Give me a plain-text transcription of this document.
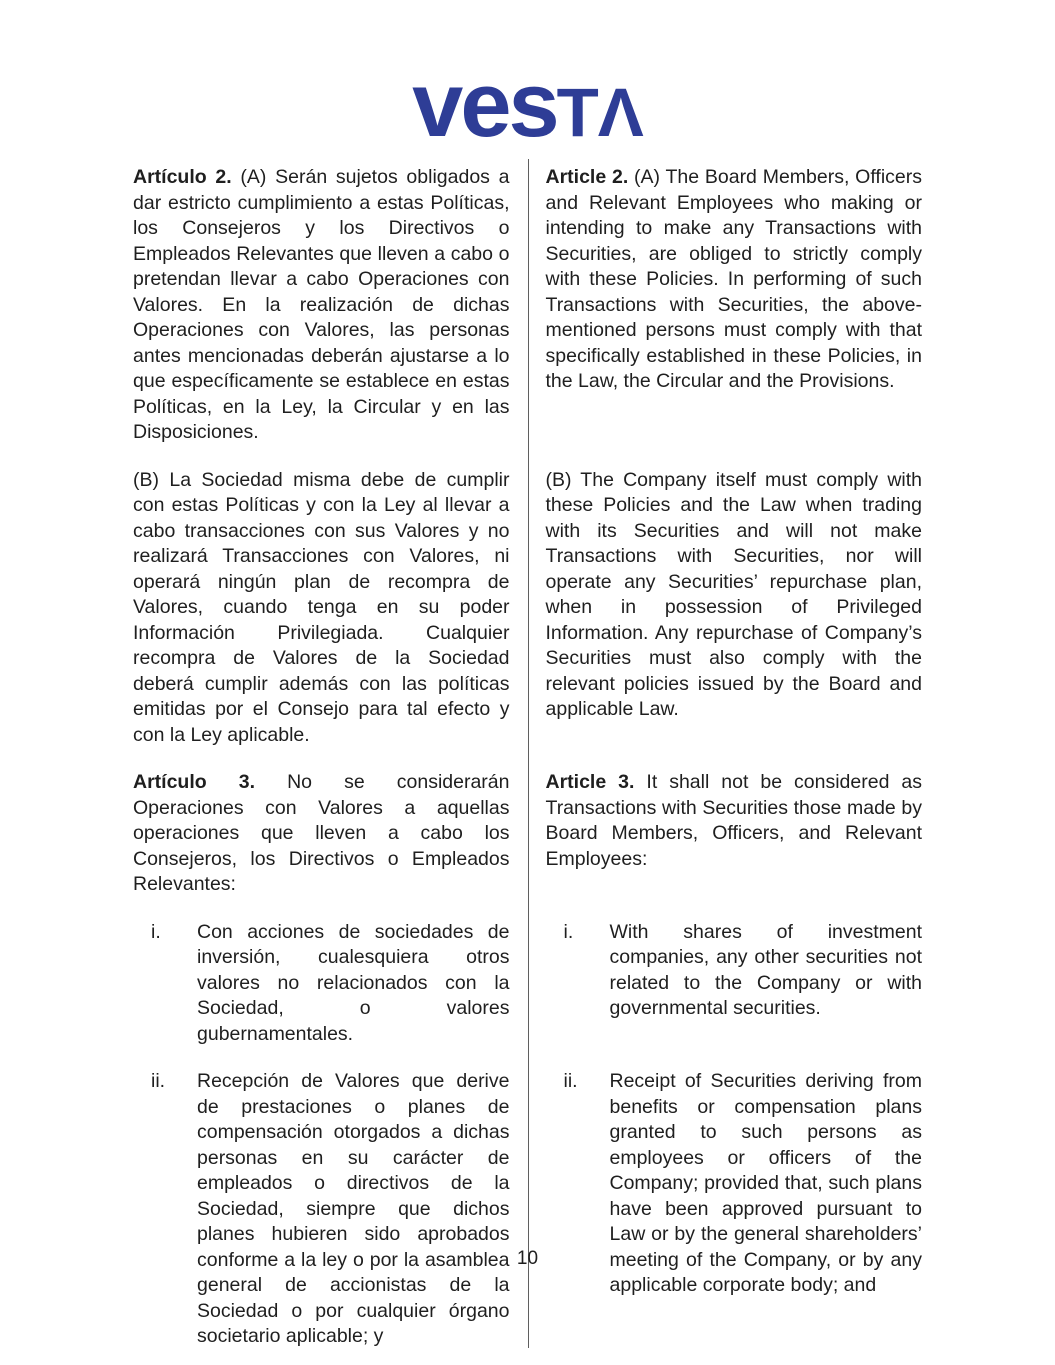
ves TΛ
Artículo 2. (A) Serán sujetos obligados a dar estricto cumplimiento a estas Políticas, los Consejeros y los Directivos o Empleados Relevantes que lleven a cabo o pretendan llevar a cabo Operaciones con Valores. En la realización de dichas Operaciones con Valores, las personas antes mencionadas deberán ajustarse a lo que específicamente se establece en estas Políticas, en la Ley, la Circular y en las Disposiciones.
Article 2. (A) The Board Members, Officers and Relevant Employees who making or intending to make any Transactions with Securities, are obliged to strictly comply with these Policies. In performing of such Transactions with Securities, the above-mentioned persons must comply with that specifically established in these Policies, in the Law, the Circular and the Provisions.
(B) La Sociedad misma debe de cumplir con estas Políticas y con la Ley al llevar a cabo transacciones con sus Valores y no realizará Transacciones con Valores, ni operará ningún plan de recompra de Valores, cuando tenga en su poder Información Privilegiada. Cualquier recompra de Valores de la Sociedad deberá cumplir además con las políticas emitidas por el Consejo para tal efecto y con la Ley aplicable.
(B) The Company itself must comply with these Policies and the Law when trading with its Securities and will not make Transactions with Securities, nor will operate any Securities’ repurchase plan, when in possession of Privileged Information. Any repurchase of Company’s Securities must also comply with the relevant policies issued by the Board and applicable Law.
Artículo 3. No se considerarán Operaciones con Valores a aquellas operaciones que lleven a cabo los Consejeros, los Directivos o Empleados Relevantes:
Article 3. It shall not be considered as Transactions with Securities those made by Board Members, Officers, and Relevant Employees:
i. Con acciones de sociedades de inversión, cualesquiera otros valores no relacionados con la Sociedad, o valores gubernamentales.
i. With shares of investment companies, any other securities not related to the Company or with governmental securities.
ii. Recepción de Valores que derive de prestaciones o planes de compensación otorgados a dichas personas en su carácter de empleados o directivos de la Sociedad, siempre que dichos planes hubieren sido aprobados conforme a la ley o por la asamblea general de accionistas de la Sociedad o por cualquier órgano societario aplicable; y
ii. Receipt of Securities deriving from benefits or compensation plans granted to such persons as employees or officers of the Company; provided that, such plans have been approved pursuant to Law or by the general shareholders’ meeting of the Company, or by any applicable corporate body; and
10
